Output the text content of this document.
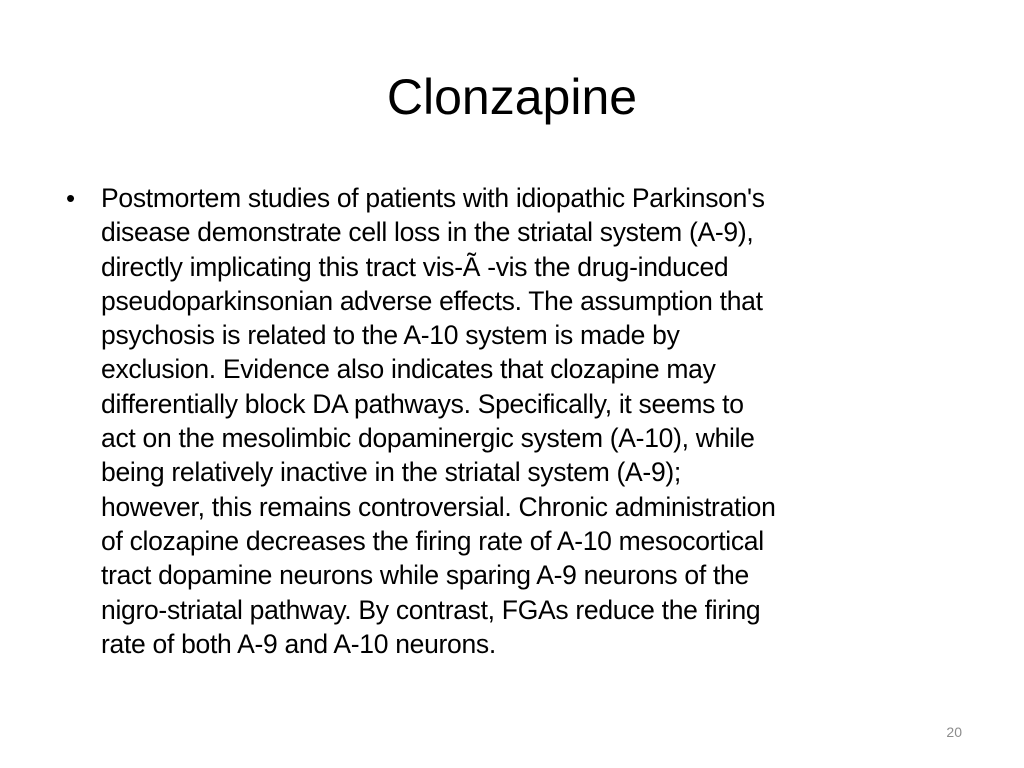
Clonzapine
• Postmortem studies of patients with idiopathic Parkinson's
disease demonstrate cell loss in the striatal system (A-9),
directly implicating this tract vis-Ã -vis the drug-induced
pseudoparkinsonian adverse effects. The assumption that
psychosis is related to the A-10 system is made by
exclusion. Evidence also indicates that clozapine may
differentially block DA pathways. Specifically, it seems to
act on the mesolimbic dopaminergic system (A-10), while
being relatively inactive in the striatal system (A-9);
however, this remains controversial. Chronic administration
of clozapine decreases the firing rate of A-10 mesocortical
tract dopamine neurons while sparing A-9 neurons of the
nigro-striatal pathway. By contrast, FGAs reduce the firing
rate of both A-9 and A-10 neurons.
20
